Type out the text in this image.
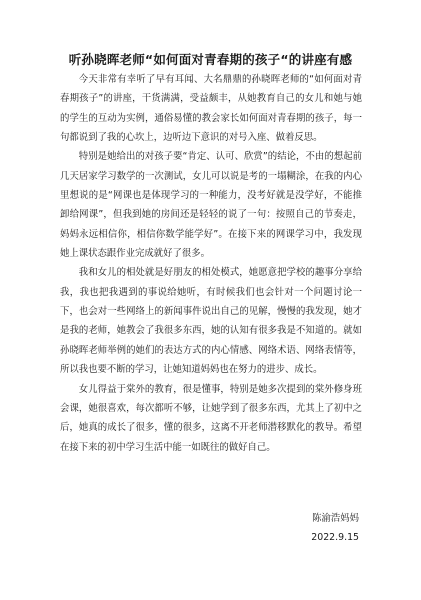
听孙晓晖老师“如何面对青春期的孩子“的讲座有感

今天非常有幸听了早有耳闻、大名鼎鼎的孙晓晖老师的“如何面对青春期孩子”的讲座，干货满满，受益颇丰，从她教育自己的女儿和她与她的学生的互动为实例，通俗易懂的教会家长如何面对青春期的孩子，每一句都说到了我的心坎上，边听边下意识的对号入座、做着反思。

特别是她给出的对孩子要“肯定、认可、欣赏”的结论，不由的想起前几天居家学习数学的一次测试，女儿可以说是考的一塌糊涂，在我的内心里想说的是“网课也是体现学习的一种能力，没考好就是没学好，不能推卸给网课”，但我到她的房间还是轻轻的说了一句：按照自己的节奏走，妈妈永远相信你，相信你数学能学好”。在接下来的网课学习中，我发现她上课状态跟作业完成就好了很多。

我和女儿的相处就是好朋友的相处模式，她愿意把学校的趣事分享给我，我也把我遇到的事说给她听，有时候我们也会针对一个问题讨论一下，也会对一些网络上的新闻事件说出自己的见解，慢慢的我发现，她才是我的老师，她教会了我很多东西，她的认知有很多我是不知道的。就如孙晓晖老师举例的她们的表达方式的内心情感、网络术语、网络表情等，所以我也要不断的学习，让她知道妈妈也在努力的进步、成长。

女儿得益于棠外的教育，很是懂事，特别是她多次提到的棠外修身班会课，她很喜欢，每次都听不够，让她学到了很多东西，尤其上了初中之后，她真的成长了很多，懂的很多，这离不开老师潜移默化的教导。希望在接下来的初中学习生活中能一如既往的做好自己。

陈渝浩妈妈
2022.9.15
